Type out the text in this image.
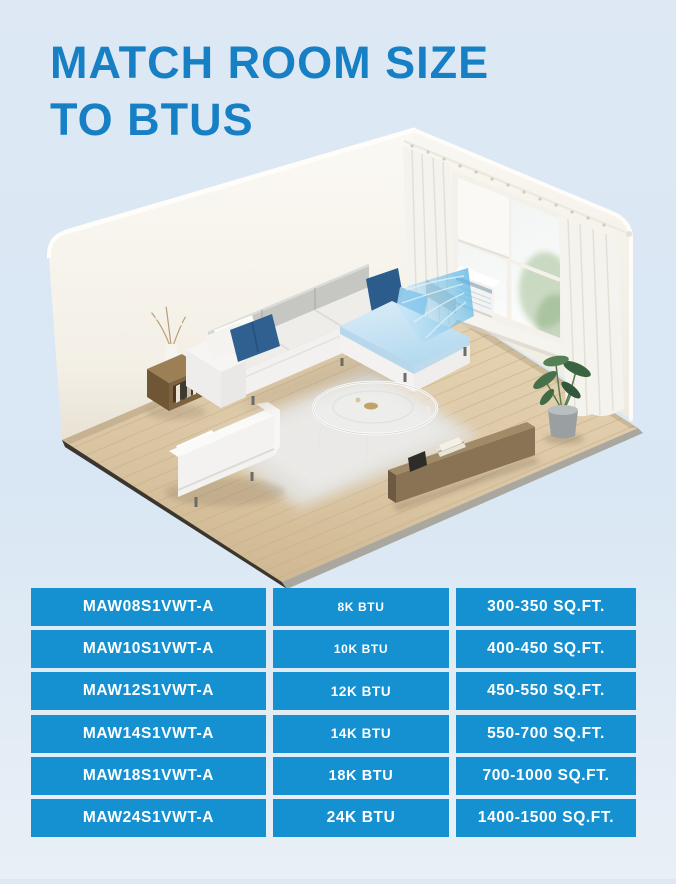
MATCH ROOM SIZE
TO BTUS
MAW08S1VWT-A	8K BTU	300-350 SQ.FT.
MAW10S1VWT-A	10K BTU	400-450 SQ.FT.
MAW12S1VWT-A	12K BTU	450-550 SQ.FT.
MAW14S1VWT-A	14K BTU	550-700 SQ.FT.
MAW18S1VWT-A	18K BTU	700-1000 SQ.FT.
MAW24S1VWT-A	24K BTU	1400-1500 SQ.FT.
